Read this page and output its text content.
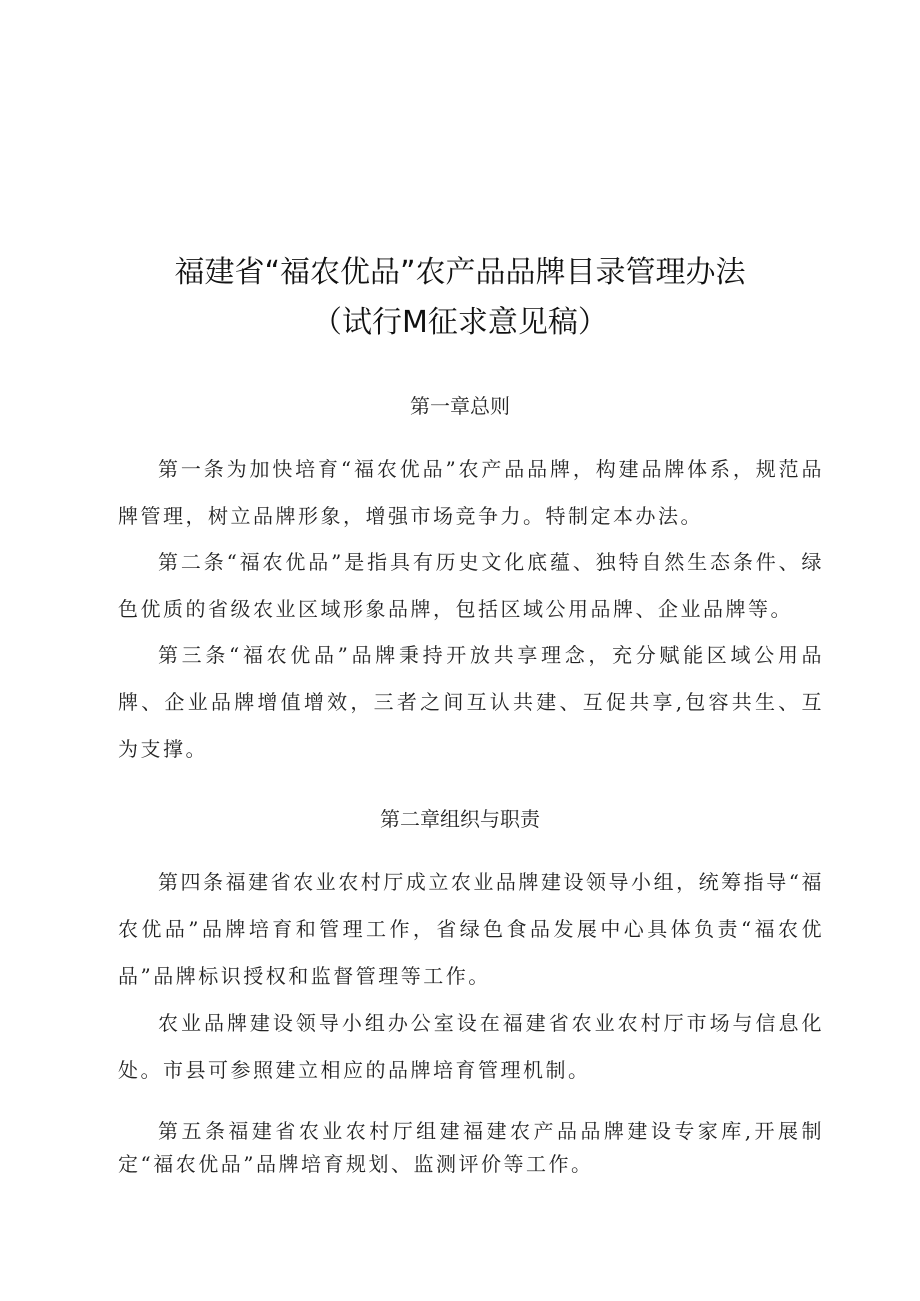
福建省“福农优品”农产品品牌目录管理办法
（试行M征求意见稿）
第一章总则

第一条为加快培育“福农优品”农产品品牌，构建品牌体系，规范品牌管理，树立品牌形象，增强市场竞争力。特制定本办法。

第二条“福农优品”是指具有历史文化底蕴、独特自然生态条件、绿色优质的省级农业区域形象品牌，包括区域公用品牌、企业品牌等。

第三条“福农优品”品牌秉持开放共享理念，充分赋能区域公用品牌、企业品牌增值增效，三者之间互认共建、互促共享,包容共生、互为支撑。

第二章组织与职责

第四条福建省农业农村厅成立农业品牌建设领导小组，统筹指导“福农优品”品牌培育和管理工作，省绿色食品发展中心具体负责“福农优品”品牌标识授权和监督管理等工作。

农业品牌建设领导小组办公室设在福建省农业农村厅市场与信息化处。市县可参照建立相应的品牌培育管理机制。

第五条福建省农业农村厅组建福建农产品品牌建设专家库,开展制定“福农优品”品牌培育规划、监测评价等工作。
